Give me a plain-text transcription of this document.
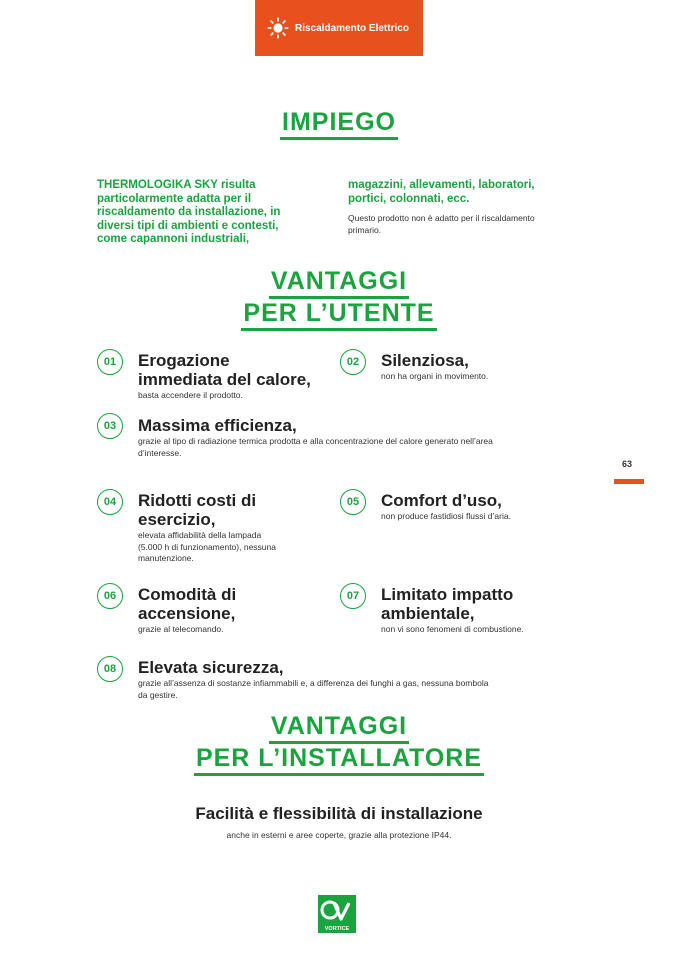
Riscaldamento Elettrico
IMPIEGO
THERMOLOGIKA SKY risulta
particolarmente adatta per il
riscaldamento da installazione, in
diversi tipi di ambienti e contesti,
come capannoni industriali,
magazzini, allevamenti, laboratori,
portici, colonnati, ecc.
Questo prodotto non è adatto per il riscaldamento
primario.
VANTAGGI
PER L’UTENTE
01	Erogazione
immediata del calore,
basta accendere il prodotto.
02	Silenziosa,
non ha organi in movimento.
03	Massima efficienza,
grazie al tipo di radiazione termica prodotta e alla concentrazione del calore generato nell’area
d’interesse.
04	Ridotti costi di
esercizio,
elevata affidabilità della lampada
(5.000 h di funzionamento), nessuna
manutenzione.
05	Comfort d’uso,
non produce fastidiosi flussi d’aria.
06	Comodità di
accensione,
grazie al telecomando.
07	Limitato impatto
ambientale,
non vi sono fenomeni di combustione.
08	Elevata sicurezza,
grazie all’assenza di sostanze infiammabili e, a differenza dei funghi a gas, nessuna bombola
da gestire.
63
VANTAGGI
PER L’INSTALLATORE
Facilità e flessibilità di installazione
anche in esterni e aree coperte, grazie alla protezione IP44.
VORTICE
